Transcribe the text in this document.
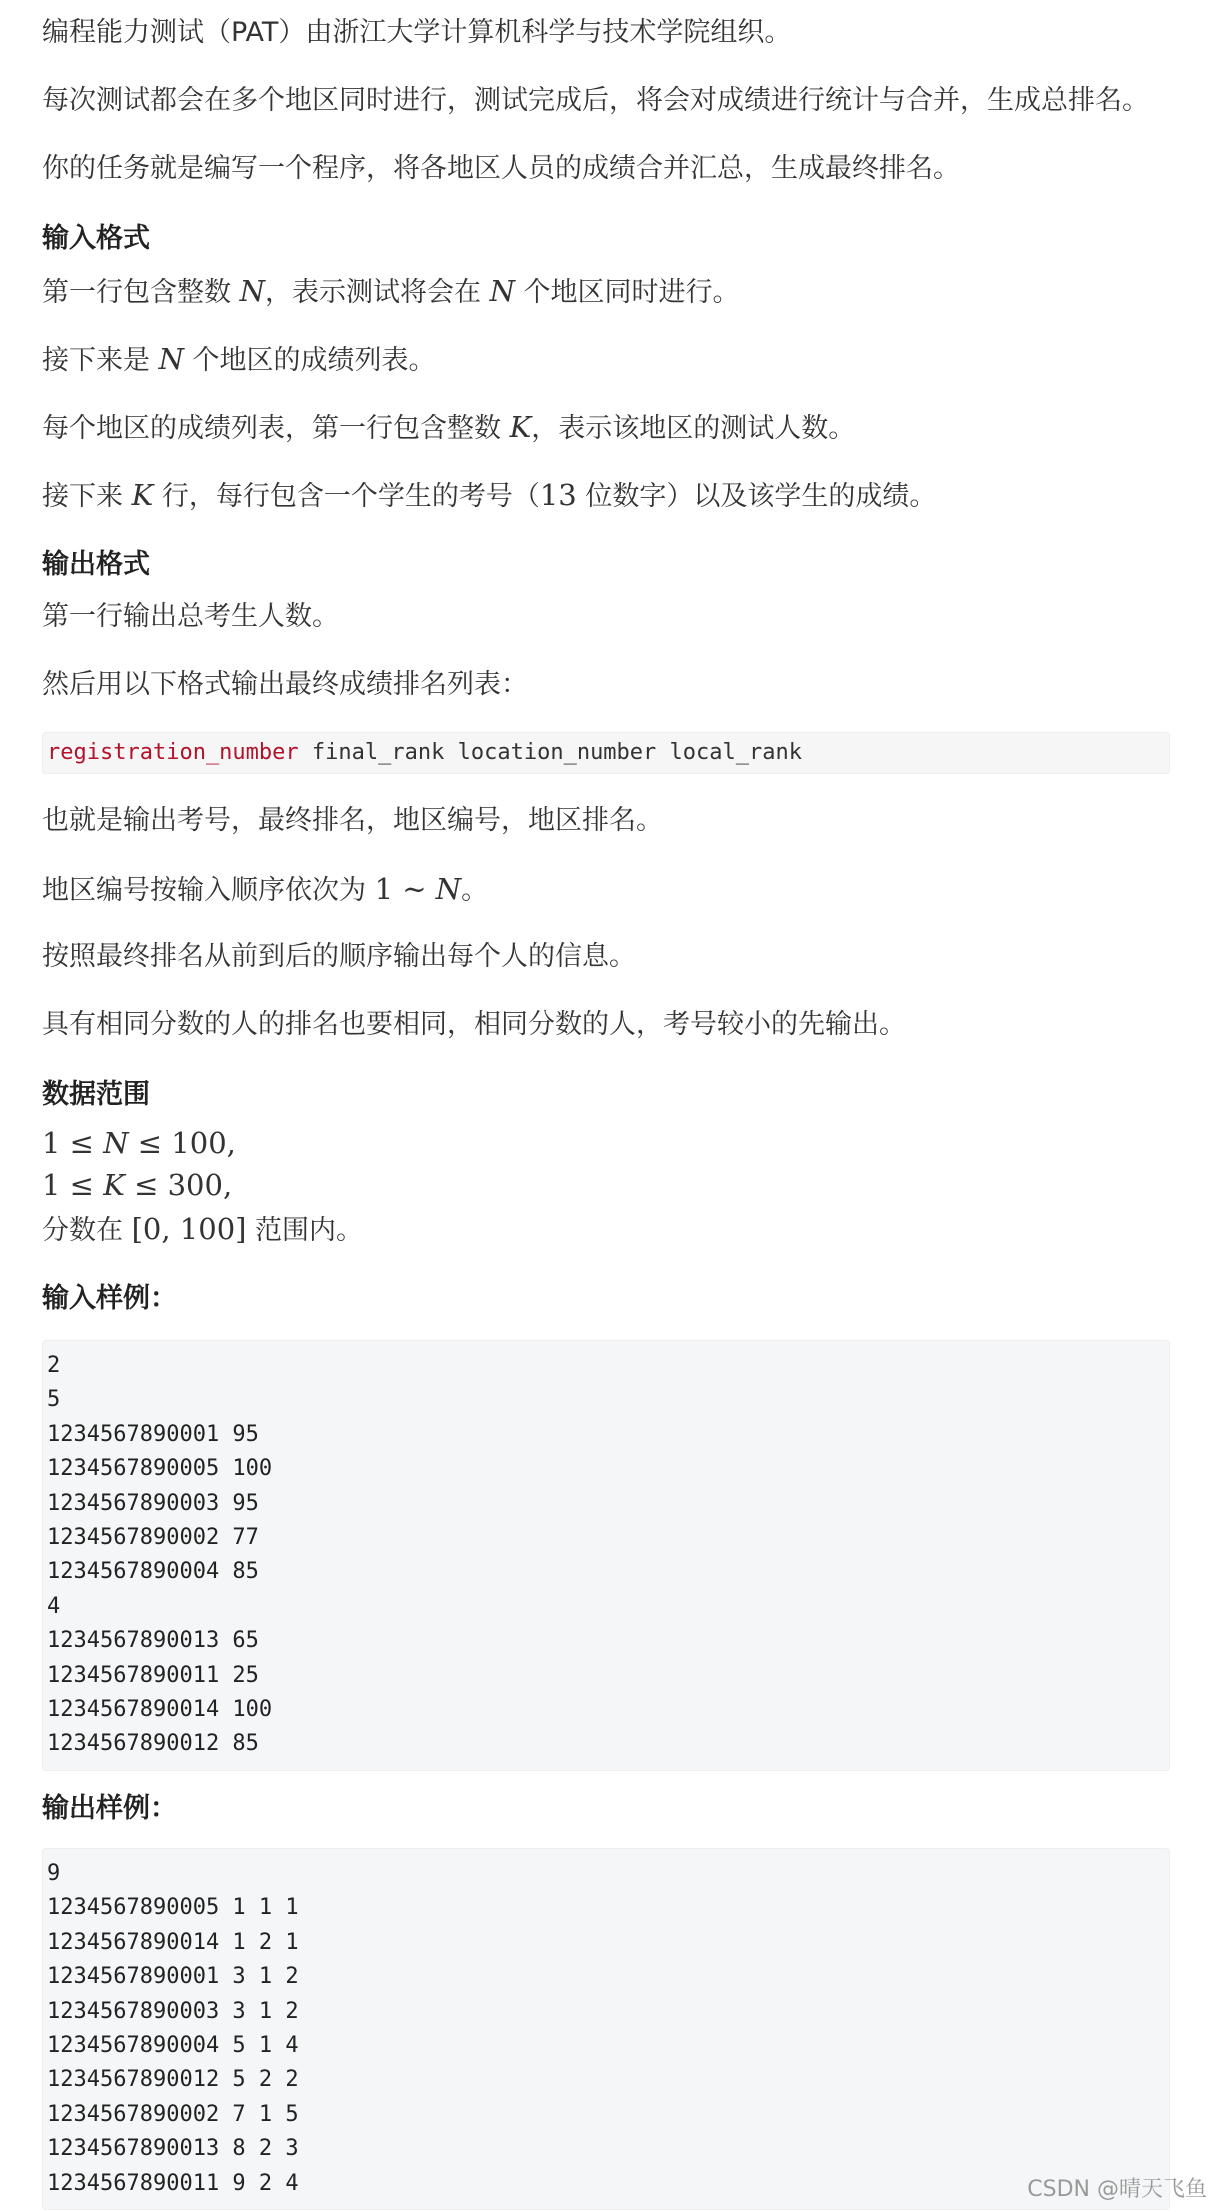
编程能力测试（PAT）由浙江大学计算机科学与技术学院组织。
每次测试都会在多个地区同时进行，测试完成后，将会对成绩进行统计与合并，生成总排名。
你的任务就是编写一个程序，将各地区人员的成绩合并汇总，生成最终排名。
输入格式
第一行包含整数 N，表示测试将会在 N 个地区同时进行。
接下来是 N 个地区的成绩列表。
每个地区的成绩列表，第一行包含整数 K，表示该地区的测试人数。
接下来 K 行，每行包含一个学生的考号（13 位数字）以及该学生的成绩。
输出格式
第一行输出总考生人数。
然后用以下格式输出最终成绩排名列表：
registration_number final_rank location_number local_rank
也就是输出考号，最终排名，地区编号，地区排名。
地区编号按输入顺序依次为 1 ∼ N。
按照最终排名从前到后的顺序输出每个人的信息。
具有相同分数的人的排名也要相同，相同分数的人，考号较小的先输出。
数据范围
1 ≤ N ≤ 100,
1 ≤ K ≤ 300,
分数在 [0, 100] 范围内。
输入样例：
2
5
1234567890001 95
1234567890005 100
1234567890003 95
1234567890002 77
1234567890004 85
4
1234567890013 65
1234567890011 25
1234567890014 100
1234567890012 85
输出样例：
9
1234567890005 1 1 1
1234567890014 1 2 1
1234567890001 3 1 2
1234567890003 3 1 2
1234567890004 5 1 4
1234567890012 5 2 2
1234567890002 7 1 5
1234567890013 8 2 3
1234567890011 9 2 4	CSDN @晴天飞鱼
